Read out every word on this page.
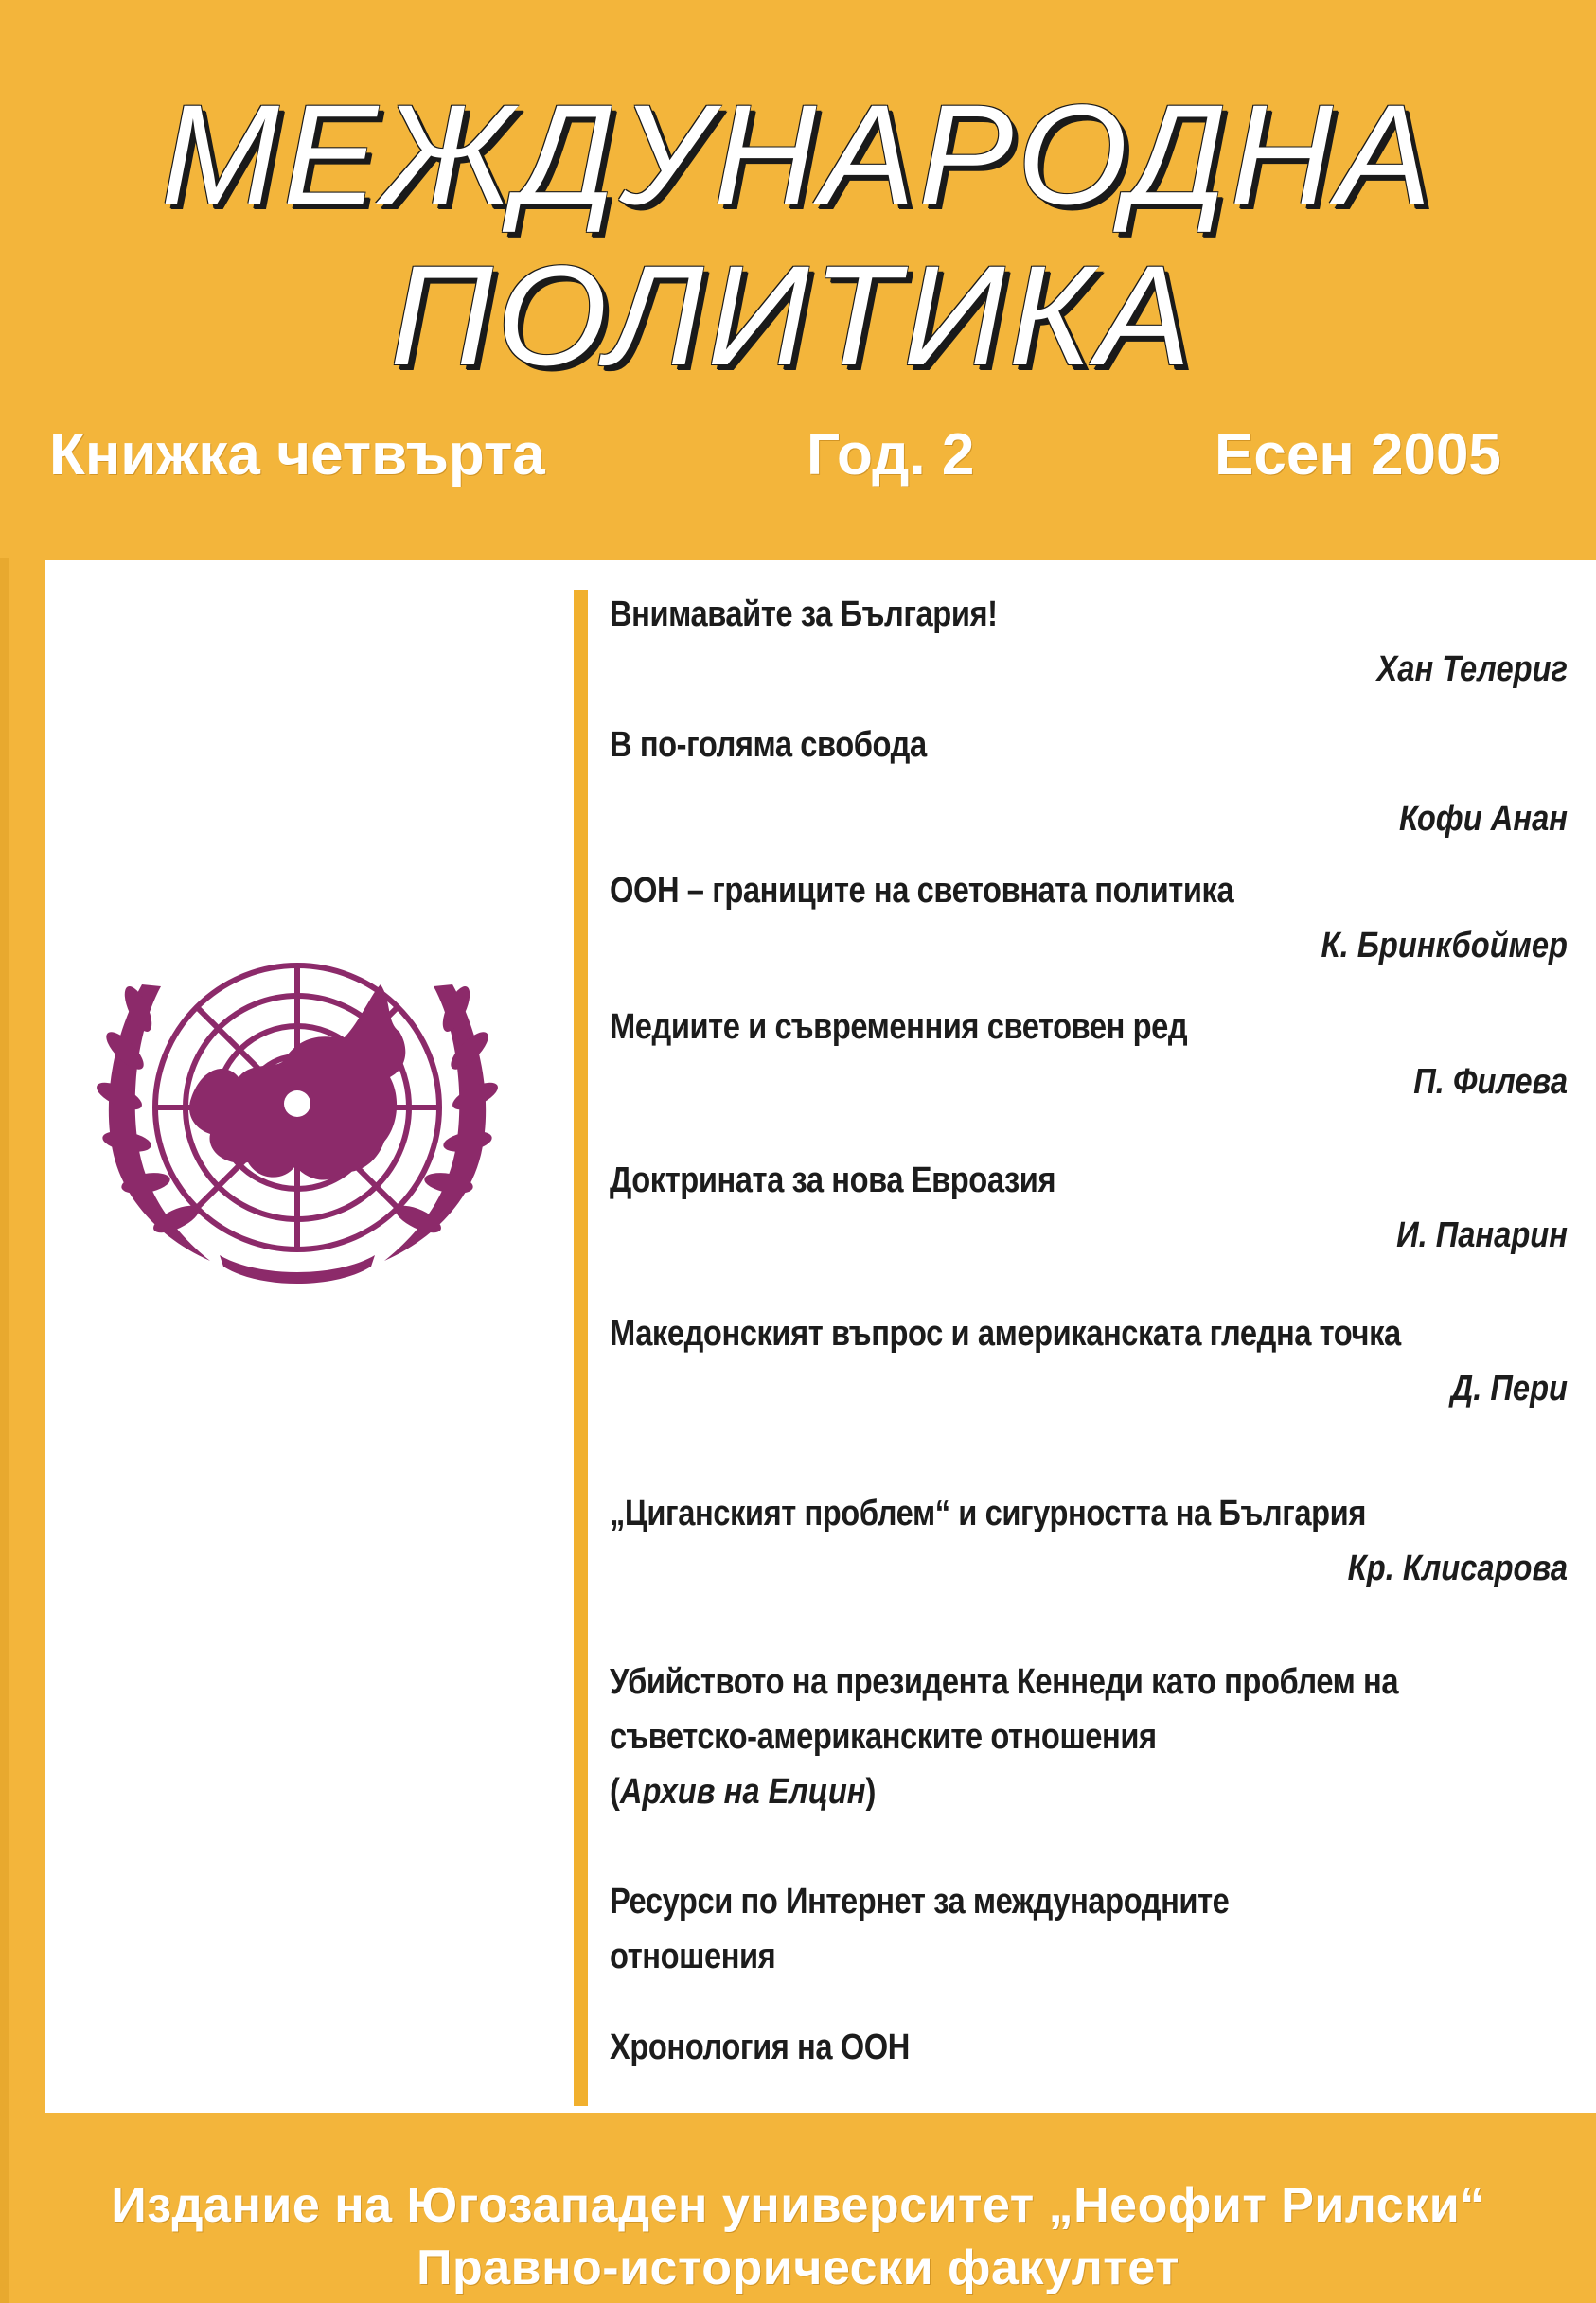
МЕЖДУНАРОДНА
ПОЛИТИКА
Книжка четвърта	Год. 2	Есен 2005
Внимавайте за България!
Хан Телериг
В по-голяма свобода
Кофи Анан
ООН – границите на световната политика
К. Бринкбоймер
Медиите и съвременния световен ред
П. Филева
Доктрината за нова Евроазия
И. Панарин
Македонският въпрос и американската гледна точка
Д. Пери
„Циганският проблем“ и сигурността на България
Кр. Клисарова
Убийството на президента Кеннеди като проблем на
съветско-американските отношения
(Архив на Елцин)
Ресурси по Интернет за международните
отношения
Хронология на ООН
Издание на Югозападен университет „Неофит Рилски“
Правно-исторически факултет
